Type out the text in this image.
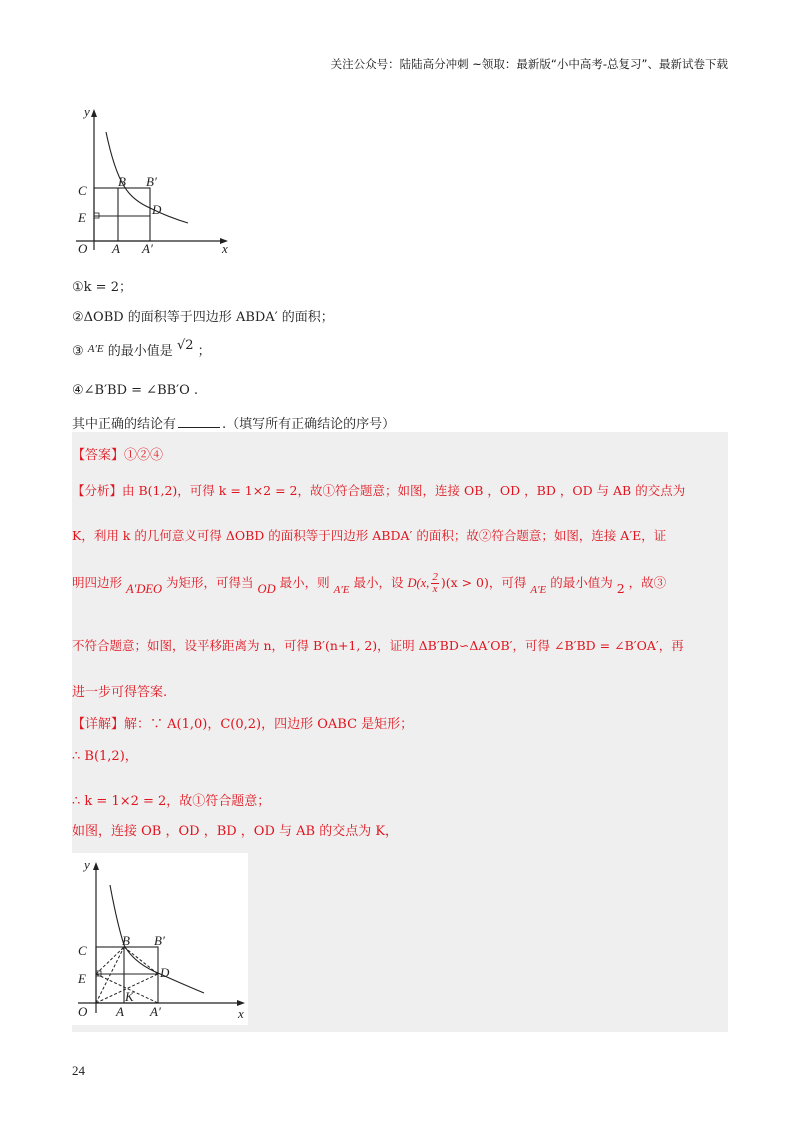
关注公众号：陆陆高分冲刺 ~领取：最新版“小中高考-总复习”、最新试卷下载
y
C
B B′
E
D
O A A′	x
①k = 2；
②ΔOBD 的面积等于四边形 ABDA′ 的面积；
③ $^{A'E}$ 的最小值是 √2 ；
④∠B′BD = ∠BB′O .
其中正确的结论有	.（填写所有正确结论的序号）
【答案】①②④
【分析】由 B(1,2)，可得 k = 1×2 = 2，故①符合题意；如图，连接 OB ，OD ，BD ，OD 与 AB 的交点为
K，利用 k 的几何意义可得 ΔOBD 的面积等于四边形 ABDA′ 的面积；故②符合题意；如图，连接 A′E，证
明四边形 A′DEO 为矩形，可得当 OD 最小，则 A′E 最小，设 D(x, $\frac{2}{x} )(x > 0)$，可得 A′E 的最小值为 2 ，故③
不符合题意；如图，设平移距离为 n，可得 B′(n+1, 2)，证明 ΔB′BD∽ΔA′OB′，可得 ∠B′BD = ∠B′OA′，再
进一步可得答案.
【详解】解：∵ A(1,0)，C(0,2)，四边形 OABC 是矩形；
∴ B(1,2)，
∴ k = 1×2 = 2，故①符合题意；
如图，连接 OB ，OD ，BD ，OD 与 AB 的交点为 K，
y
C
B B′
E	D
K
O A A′	x
24
